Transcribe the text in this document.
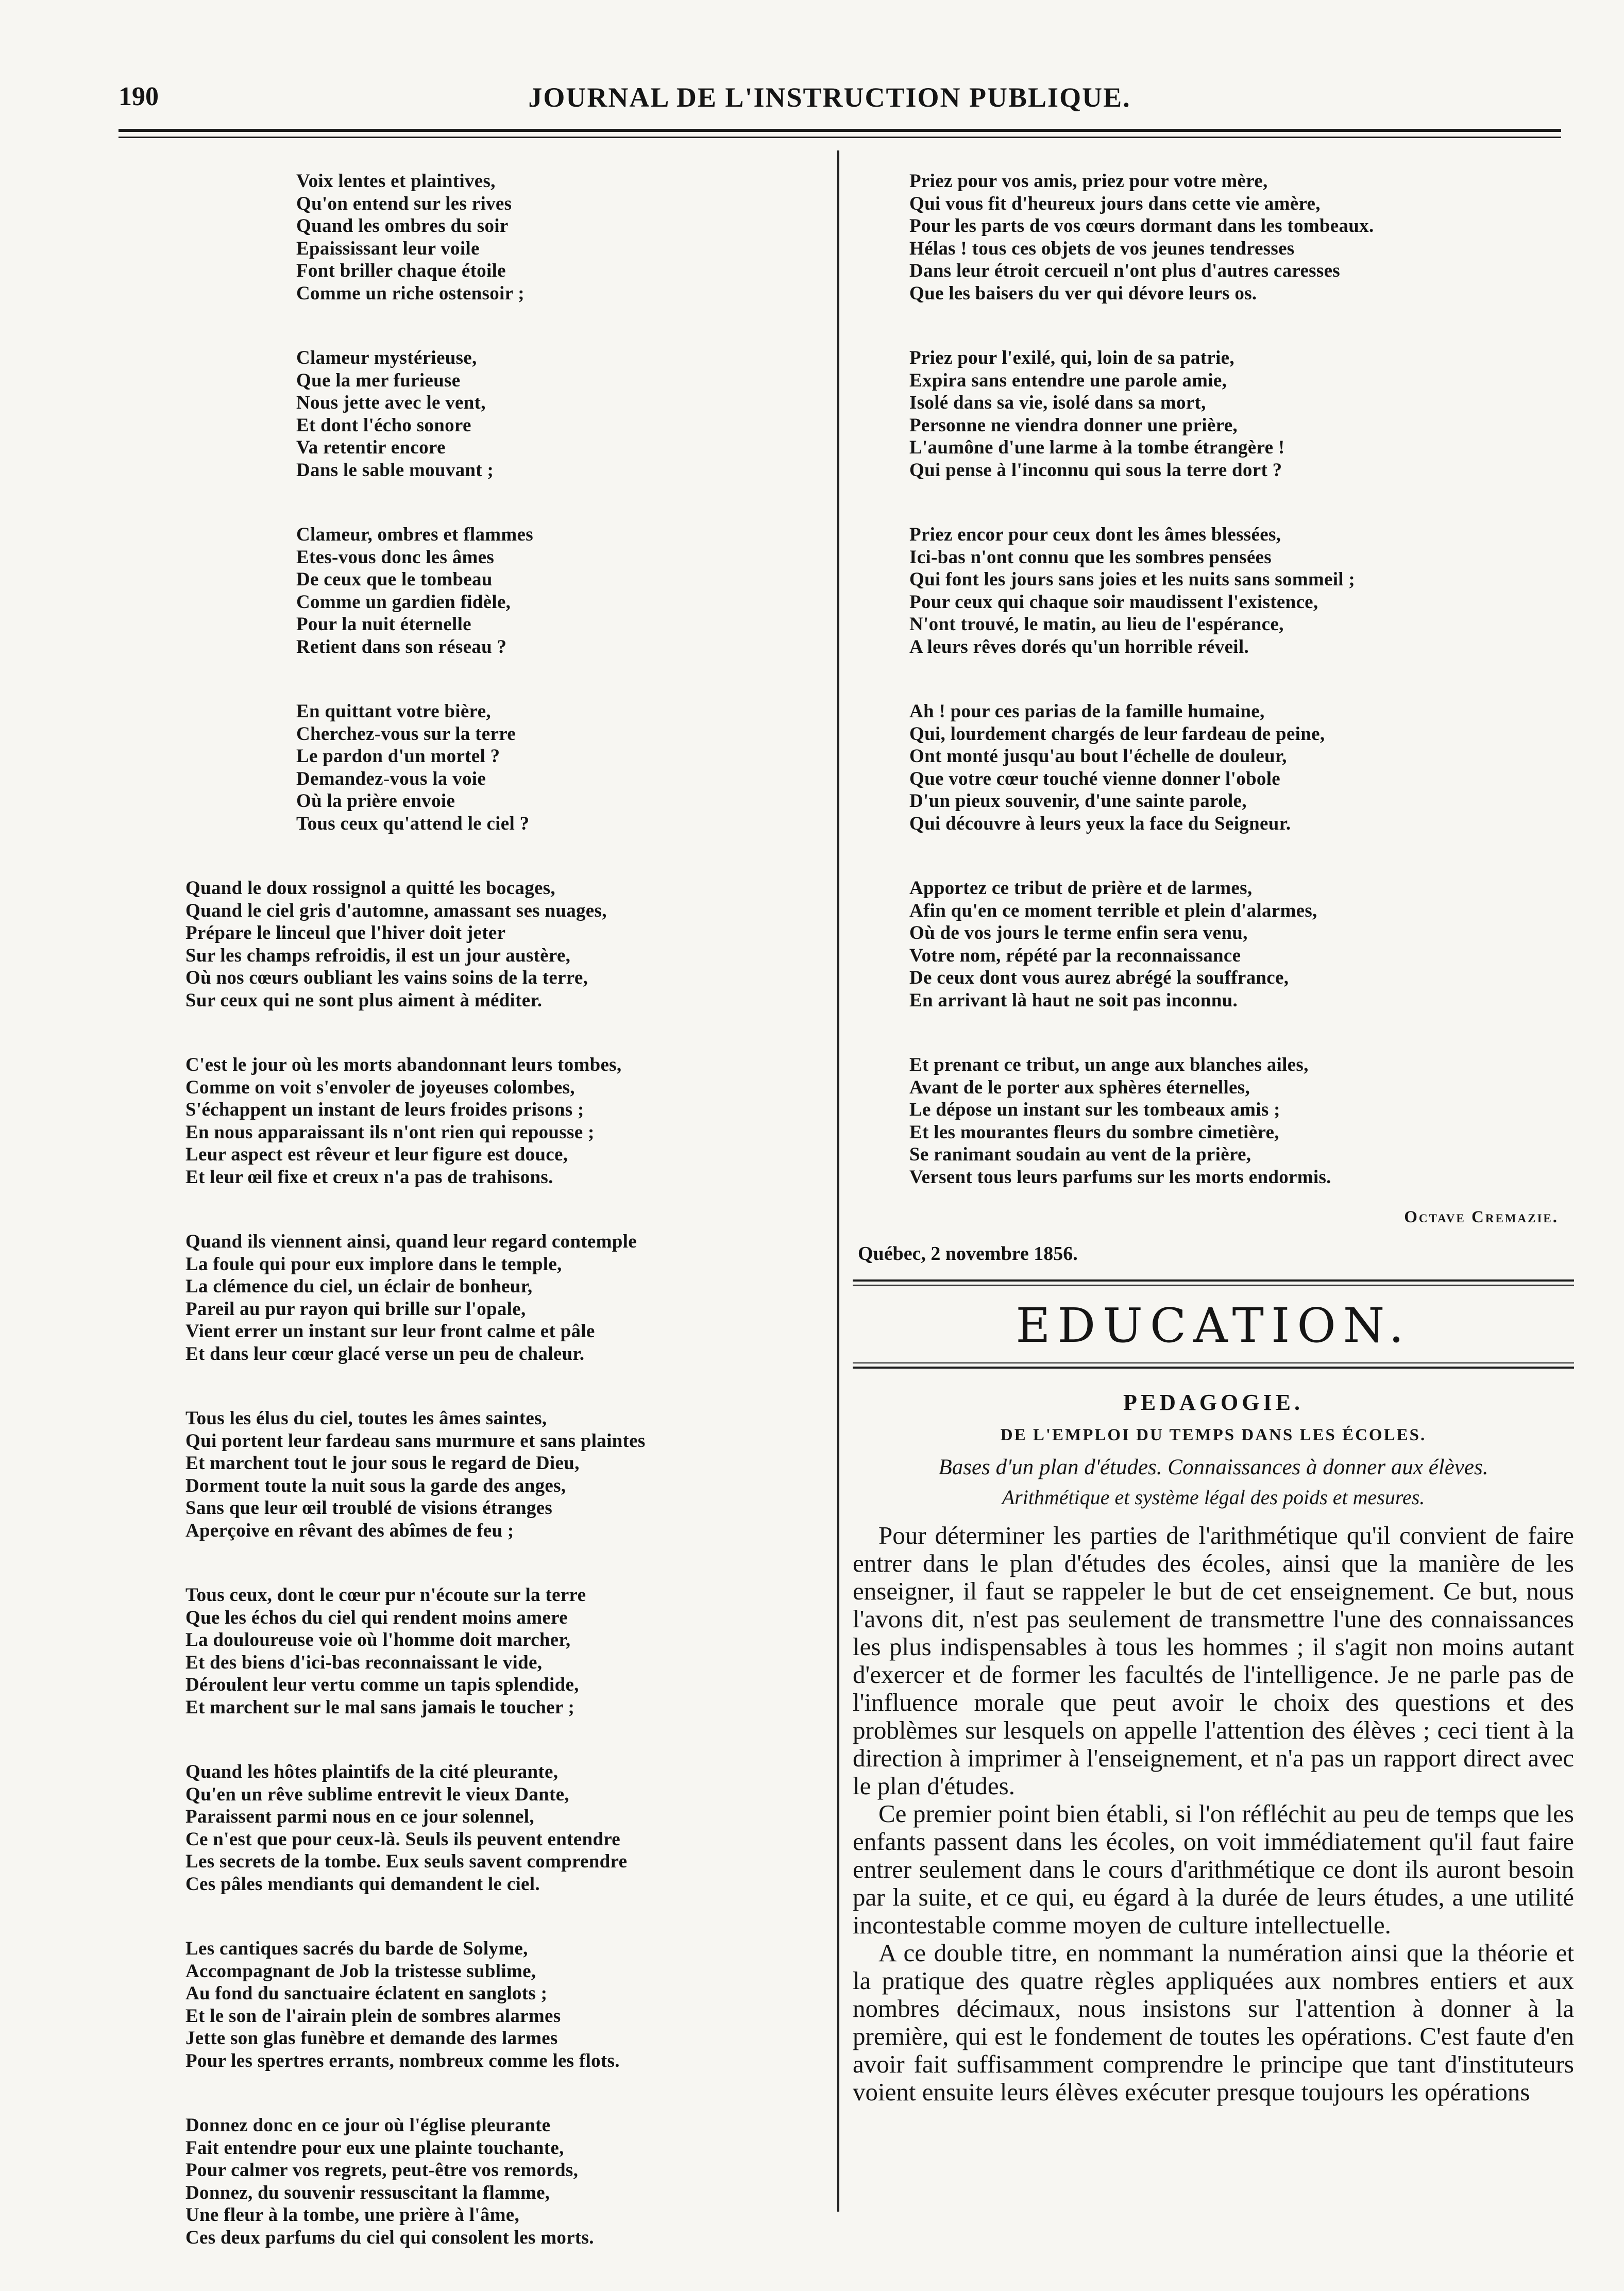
190	JOURNAL DE L'INSTRUCTION PUBLIQUE.
Voix lentes et plaintives,
Qu'on entend sur les rives
Quand les ombres du soir
Epaississant leur voile
Font briller chaque étoile
Comme un riche ostensoir ;
Clameur mystérieuse,
Que la mer furieuse
Nous jette avec le vent,
Et dont l'écho sonore
Va retentir encore
Dans le sable mouvant ;
Clameur, ombres et flammes
Etes-vous donc les âmes
De ceux que le tombeau
Comme un gardien fidèle,
Pour la nuit éternelle
Retient dans son réseau ?
En quittant votre bière,
Cherchez-vous sur la terre
Le pardon d'un mortel ?
Demandez-vous la voie
Où la prière envoie
Tous ceux qu'attend le ciel ?
Quand le doux rossignol a quitté les bocages,
Quand le ciel gris d'automne, amassant ses nuages,
Prépare le linceul que l'hiver doit jeter
Sur les champs refroidis, il est un jour austère,
Où nos cœurs oubliant les vains soins de la terre,
Sur ceux qui ne sont plus aiment à méditer.
C'est le jour où les morts abandonnant leurs tombes,
Comme on voit s'envoler de joyeuses colombes,
S'échappent un instant de leurs froides prisons ;
En nous apparaissant ils n'ont rien qui repousse ;
Leur aspect est rêveur et leur figure est douce,
Et leur œil fixe et creux n'a pas de trahisons.
Quand ils viennent ainsi, quand leur regard contemple
La foule qui pour eux implore dans le temple,
La clémence du ciel, un éclair de bonheur,
Pareil au pur rayon qui brille sur l'opale,
Vient errer un instant sur leur front calme et pâle
Et dans leur cœur glacé verse un peu de chaleur.
Tous les élus du ciel, toutes les âmes saintes,
Qui portent leur fardeau sans murmure et sans plaintes
Et marchent tout le jour sous le regard de Dieu,
Dorment toute la nuit sous la garde des anges,
Sans que leur œil troublé de visions étranges
Aperçoive en rêvant des abîmes de feu ;
Tous ceux, dont le cœur pur n'écoute sur la terre
Que les échos du ciel qui rendent moins amere
La douloureuse voie où l'homme doit marcher,
Et des biens d'ici-bas reconnaissant le vide,
Déroulent leur vertu comme un tapis splendide,
Et marchent sur le mal sans jamais le toucher ;
Quand les hôtes plaintifs de la cité pleurante,
Qu'en un rêve sublime entrevit le vieux Dante,
Paraissent parmi nous en ce jour solennel,
Ce n'est que pour ceux-là. Seuls ils peuvent entendre
Les secrets de la tombe. Eux seuls savent comprendre
Ces pâles mendiants qui demandent le ciel.
Les cantiques sacrés du barde de Solyme,
Accompagnant de Job la tristesse sublime,
Au fond du sanctuaire éclatent en sanglots ;
Et le son de l'airain plein de sombres alarmes
Jette son glas funèbre et demande des larmes
Pour les spertres errants, nombreux comme les flots.
Donnez donc en ce jour où l'église pleurante
Fait entendre pour eux une plainte touchante,
Pour calmer vos regrets, peut-être vos remords,
Donnez, du souvenir ressuscitant la flamme,
Une fleur à la tombe, une prière à l'âme,
Ces deux parfums du ciel qui consolent les morts.
Priez pour vos amis, priez pour votre mère,
Qui vous fit d'heureux jours dans cette vie amère,
Pour les parts de vos cœurs dormant dans les tombeaux.
Hélas ! tous ces objets de vos jeunes tendresses
Dans leur étroit cercueil n'ont plus d'autres caresses
Que les baisers du ver qui dévore leurs os.
Priez pour l'exilé, qui, loin de sa patrie,
Expira sans entendre une parole amie,
Isolé dans sa vie, isolé dans sa mort,
Personne ne viendra donner une prière,
L'aumône d'une larme à la tombe étrangère !
Qui pense à l'inconnu qui sous la terre dort ?
Priez encor pour ceux dont les âmes blessées,
Ici-bas n'ont connu que les sombres pensées
Qui font les jours sans joies et les nuits sans sommeil ;
Pour ceux qui chaque soir maudissent l'existence,
N'ont trouvé, le matin, au lieu de l'espérance,
A leurs rêves dorés qu'un horrible réveil.
Ah ! pour ces parias de la famille humaine,
Qui, lourdement chargés de leur fardeau de peine,
Ont monté jusqu'au bout l'échelle de douleur,
Que votre cœur touché vienne donner l'obole
D'un pieux souvenir, d'une sainte parole,
Qui découvre à leurs yeux la face du Seigneur.
Apportez ce tribut de prière et de larmes,
Afin qu'en ce moment terrible et plein d'alarmes,
Où de vos jours le terme enfin sera venu,
Votre nom, répété par la reconnaissance
De ceux dont vous aurez abrégé la souffrance,
En arrivant là haut ne soit pas inconnu.
Et prenant ce tribut, un ange aux blanches ailes,
Avant de le porter aux sphères éternelles,
Le dépose un instant sur les tombeaux amis ;
Et les mourantes fleurs du sombre cimetière,
Se ranimant soudain au vent de la prière,
Versent tous leurs parfums sur les morts endormis.
Octave Cremazie.
Québec, 2 novembre 1856.
EDUCATION.
PEDAGOGIE.
DE L'EMPLOI DU TEMPS DANS LES ÉCOLES.
Bases d'un plan d'études. Connaissances à donner aux élèves.
Arithmétique et système légal des poids et mesures.

Pour déterminer les parties de l'arithmétique qu'il convient de faire entrer dans le plan d'études des écoles, ainsi que la manière de les enseigner, il faut se rappeler le but de cet enseignement. Ce but, nous l'avons dit, n'est pas seulement de transmettre l'une des connaissances les plus indispensables à tous les hommes ; il s'agit non moins autant d'exercer et de former les facultés de l'intelligence. Je ne parle pas de l'influence morale que peut avoir le choix des questions et des problèmes sur lesquels on appelle l'attention des élèves ; ceci tient à la direction à imprimer à l'enseignement, et n'a pas un rapport direct avec le plan d'études.

Ce premier point bien établi, si l'on réfléchit au peu de temps que les enfants passent dans les écoles, on voit immédiatement qu'il faut faire entrer seulement dans le cours d'arithmétique ce dont ils auront besoin par la suite, et ce qui, eu égard à la durée de leurs études, a une utilité incontestable comme moyen de culture intellectuelle.

A ce double titre, en nommant la numération ainsi que la théorie et la pratique des quatre règles appliquées aux nombres entiers et aux nombres décimaux, nous insistons sur l'attention à donner à la première, qui est le fondement de toutes les opérations. C'est faute d'en avoir fait suffisamment comprendre le principe que tant d'instituteurs voient ensuite leurs élèves exécuter presque toujours les opérations
